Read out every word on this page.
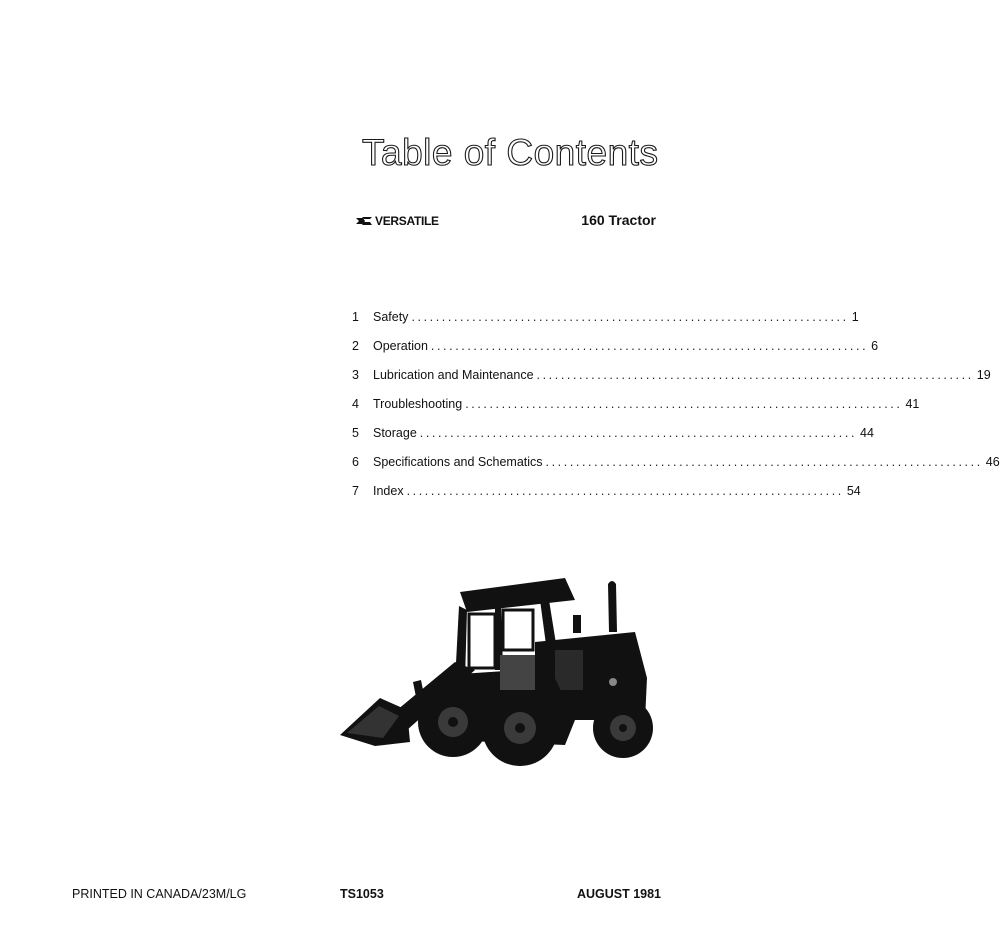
Table of Contents
VERSATILE	160 Tractor
1	Safety ........................................................................ 1
2	Operation ........................................................................ 6
3	Lubrication and Maintenance ........................................................................ 19
4	Troubleshooting ........................................................................ 41
5	Storage ........................................................................ 44
6	Specifications and Schematics ........................................................................ 46
7	Index ........................................................................ 54
PRINTED IN CANADA/23M/LG	TS1053	AUGUST 1981
